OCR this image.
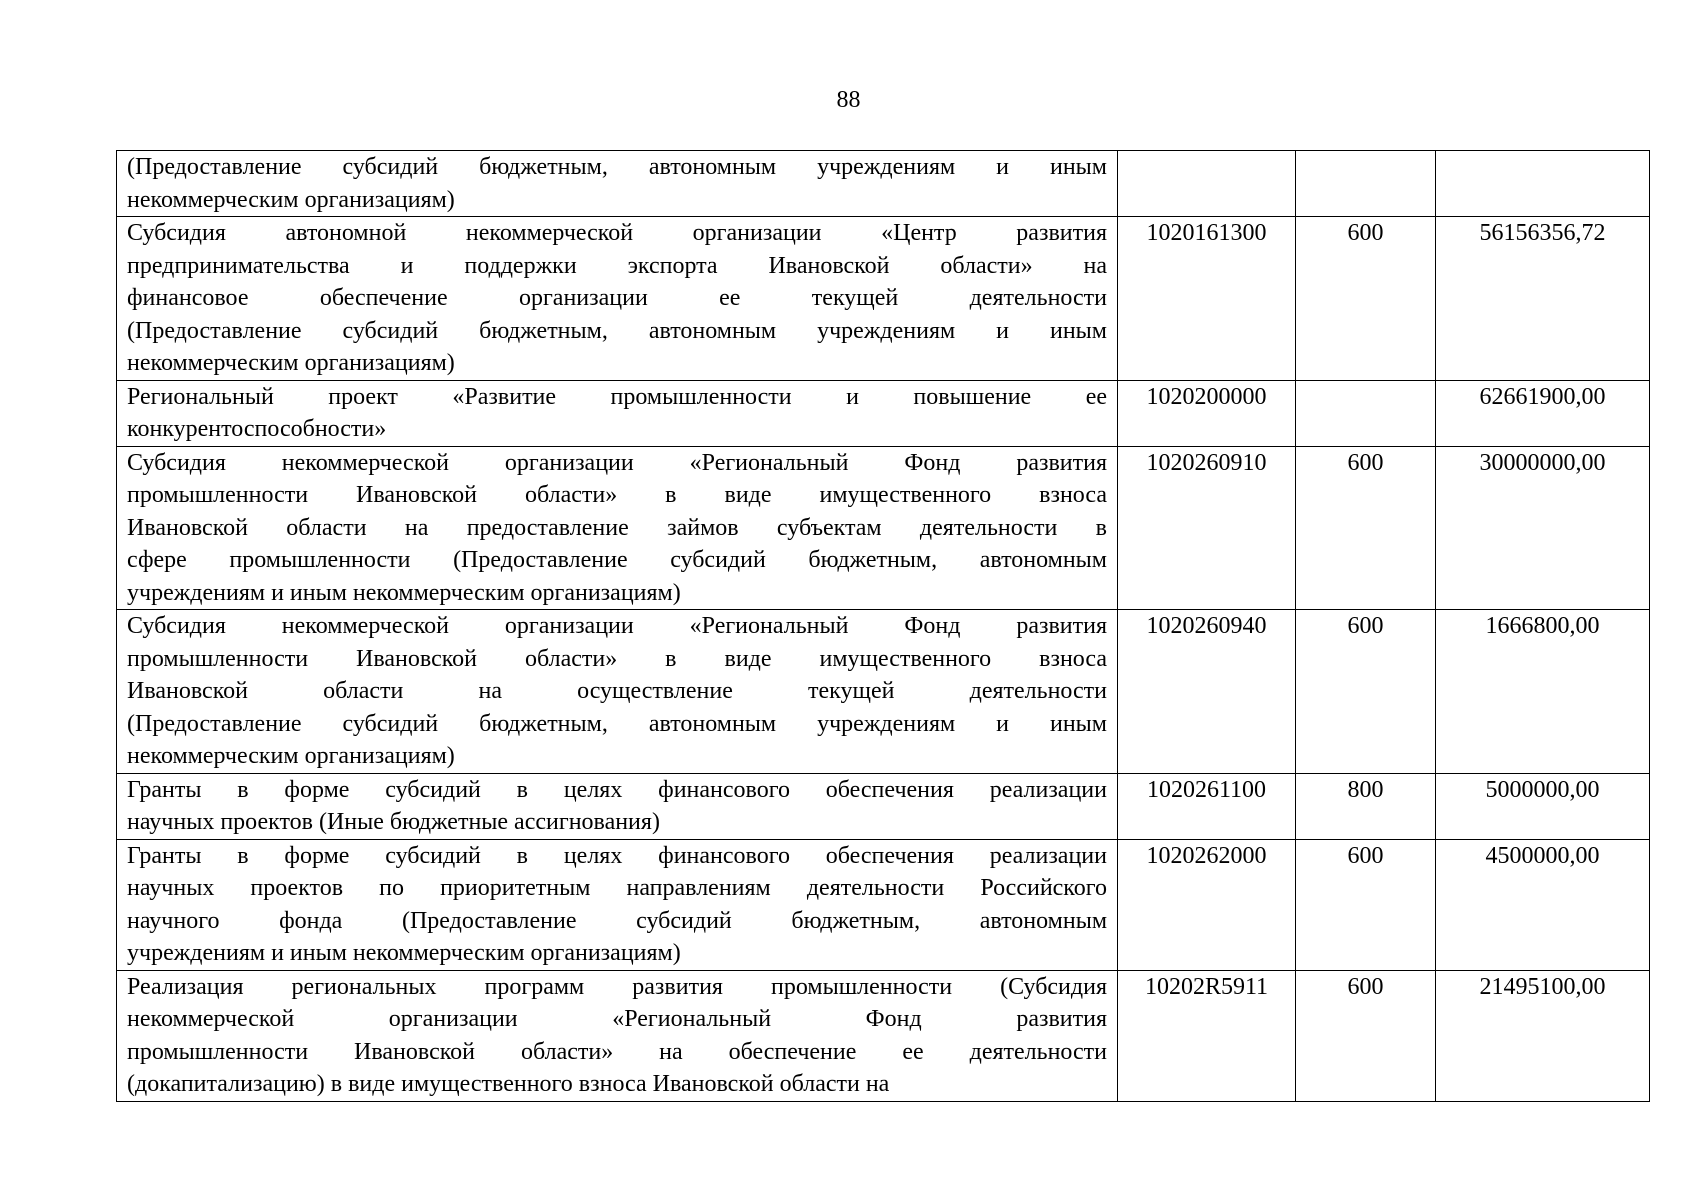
88
(Предоставление субсидий бюджетным, автономным учреждениям и иным
некоммерческим организациям)			

Субсидия автономной некоммерческой организации «Центр развития
предпринимательства и поддержки экспорта Ивановской области» на
финансовое обеспечение организации ее текущей деятельности
(Предоставление субсидий бюджетным, автономным учреждениям и иным
некоммерческим организациям)	1020161300	600	56156356,72

Региональный проект «Развитие промышленности и повышение ее
конкурентоспособности»	1020200000		62661900,00

Субсидия некоммерческой организации «Региональный Фонд развития
промышленности Ивановской области» в виде имущественного взноса
Ивановской области на предоставление займов субъектам деятельности в
сфере промышленности (Предоставление субсидий бюджетным, автономным
учреждениям и иным некоммерческим организациям)	1020260910	600	30000000,00

Субсидия некоммерческой организации «Региональный Фонд развития
промышленности Ивановской области» в виде имущественного взноса
Ивановской области на осуществление текущей деятельности
(Предоставление субсидий бюджетным, автономным учреждениям и иным
некоммерческим организациям)	1020260940	600	1666800,00

Гранты в форме субсидий в целях финансового обеспечения реализации
научных проектов (Иные бюджетные ассигнования)	1020261100	800	5000000,00

Гранты в форме субсидий в целях финансового обеспечения реализации
научных проектов по приоритетным направлениям деятельности Российского
научного фонда (Предоставление субсидий бюджетным, автономным
учреждениям и иным некоммерческим организациям)	1020262000	600	4500000,00

Реализация региональных программ развития промышленности (Субсидия
некоммерческой организации «Региональный Фонд развития
промышленности Ивановской области» на обеспечение ее деятельности
(докапитализацию) в виде имущественного взноса Ивановской области на	10202R5911	600	21495100,00
